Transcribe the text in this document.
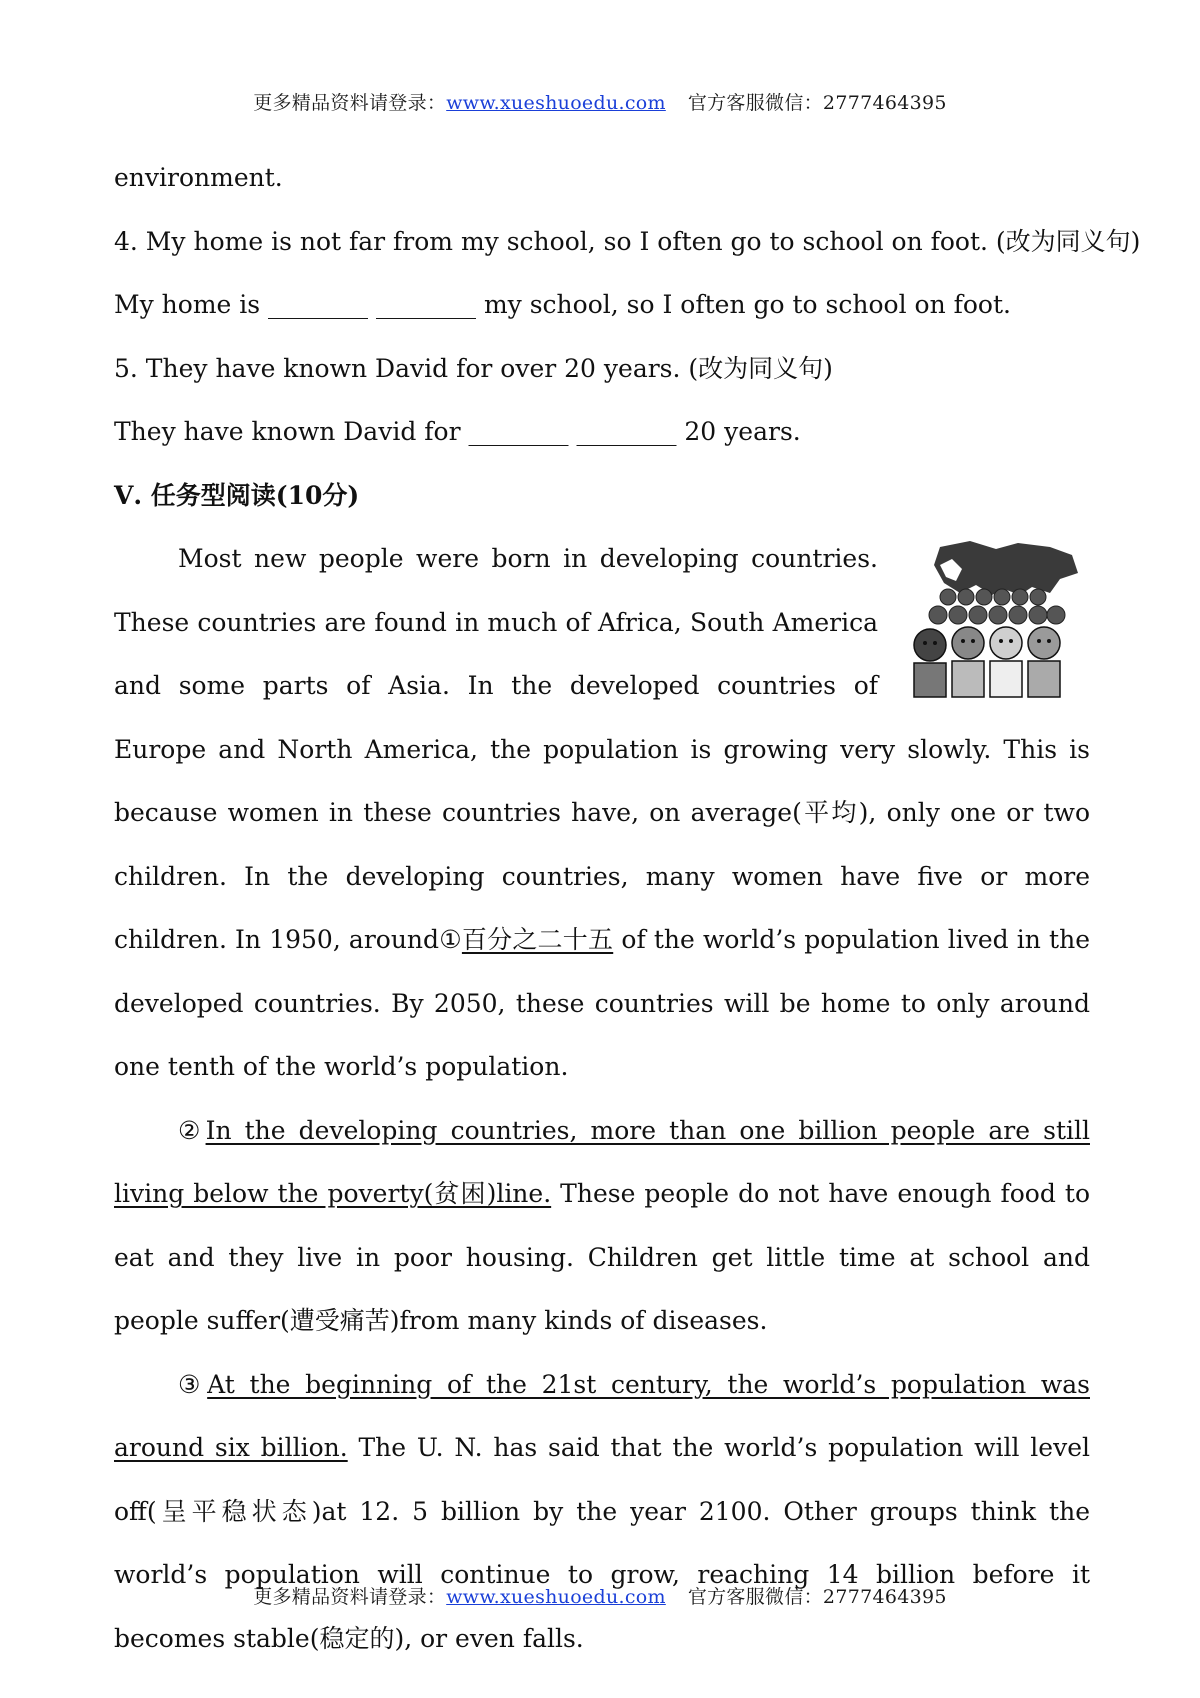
更多精品资料请登录：www.xueshuoedu.com 官方客服微信：2777464395
environment.
4. My home is not far from my school, so I often go to school on foot. (改为同义句)
My home is ________ ________ my school, so I often go to school on foot.
5. They have known David for over 20 years. (改为同义句)
They have known David for ________ ________ 20 years.
Ⅴ. 任务型阅读(10分)

Most new people were born in developing countries. These countries are found in much of Africa, South America and some parts of Asia. In the developed countries of Europe and North America, the population is growing very slowly. This is because women in these countries have, on average(平均), only one or two children. In the developing countries, many women have five or more children. In 1950, around①百分之二十五 of the world’s population lived in the developed countries. By 2050, these countries will be home to only around one tenth of the world’s population.

②In the developing countries, more than one billion people are still living below the poverty(贫困)line. These people do not have enough food to eat and they live in poor housing. Children get little time at school and people suffer(遭受痛苦)from many kinds of diseases.

③At the beginning of the 21st century, the world’s population was around six billion. The U. N. has said that the world’s population will level off(呈平稳状态)at 12. 5 billion by the year 2100. Other groups think the world’s population will continue to grow, reaching 14 billion before it becomes stable(稳定的), or even falls.

更多精品资料请登录：www.xueshuoedu.com 官方客服微信：2777464395
